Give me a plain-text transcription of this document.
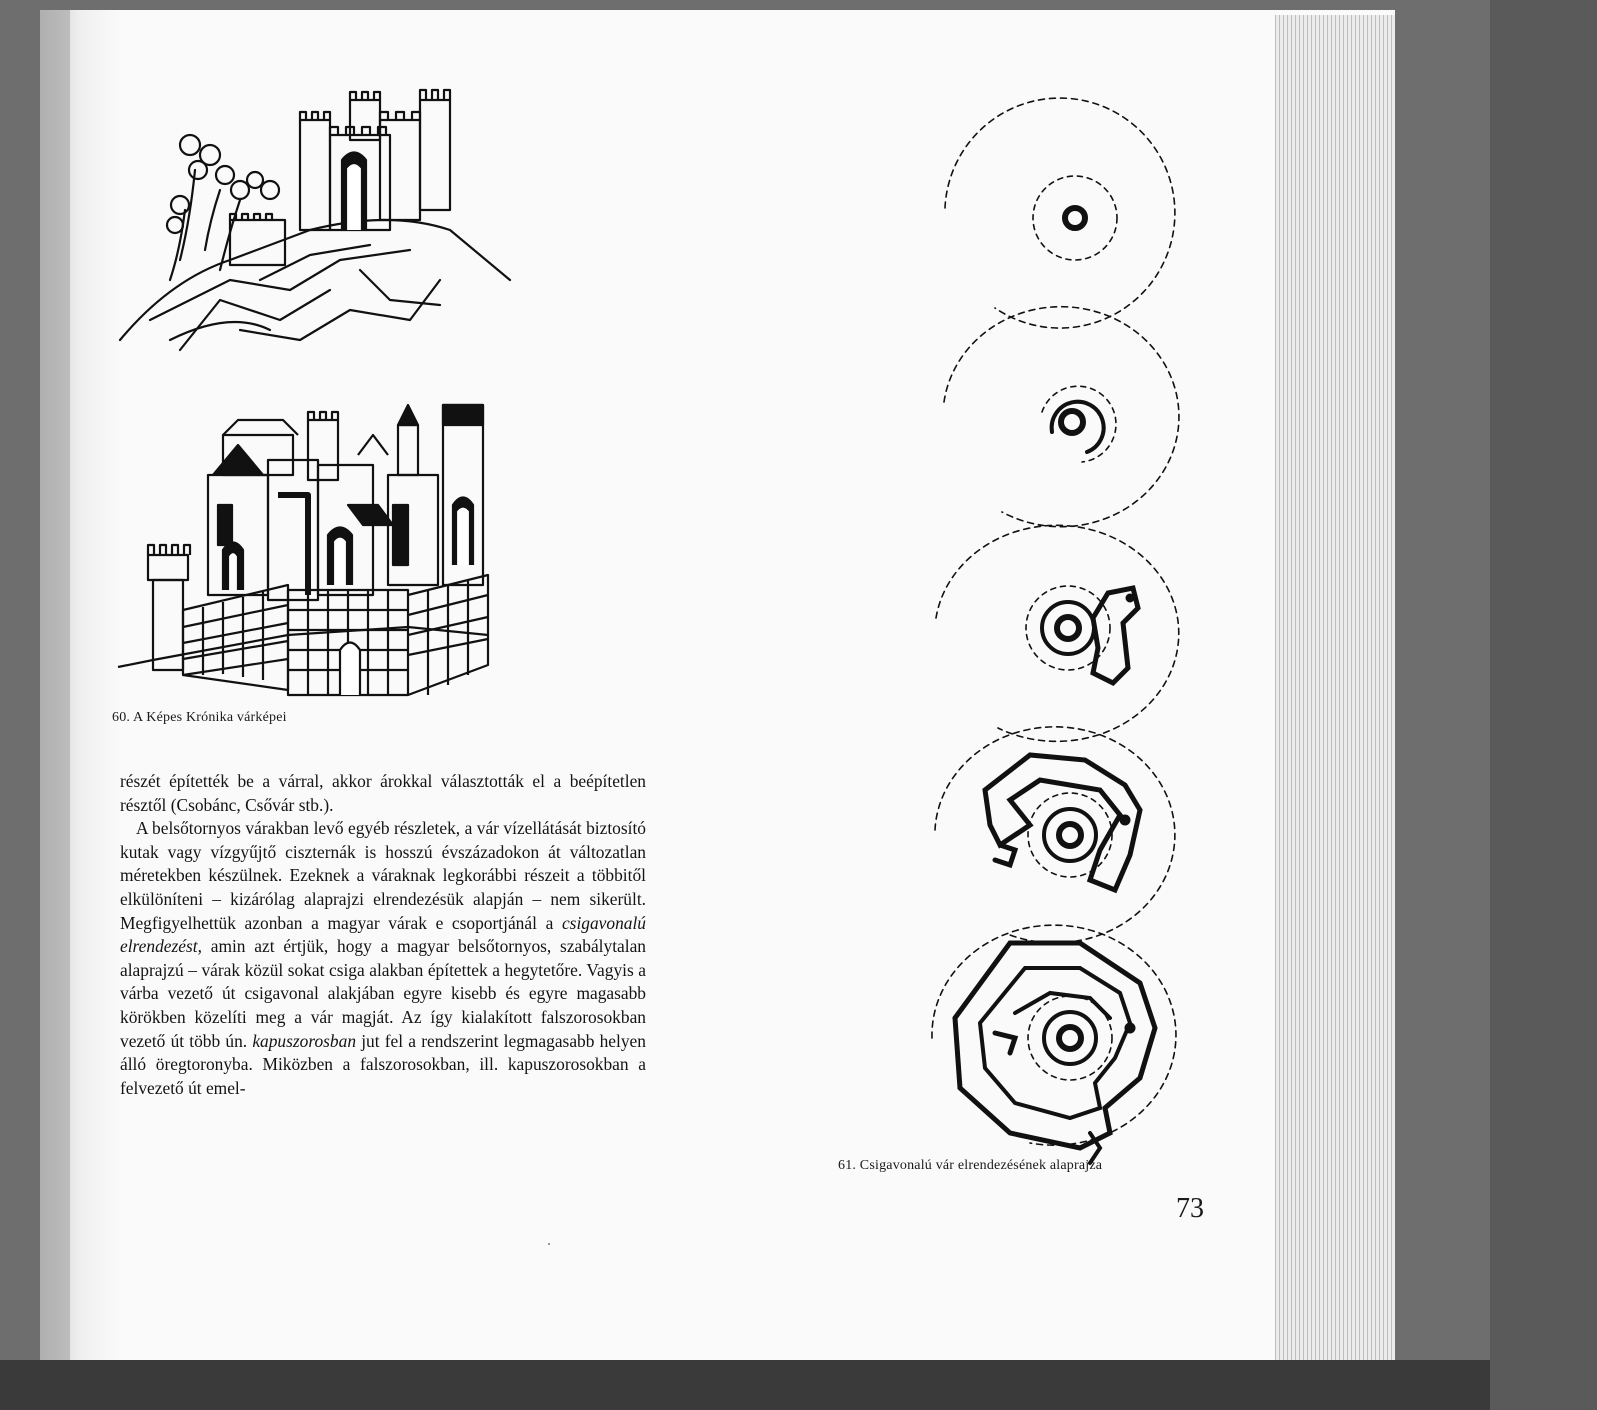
60. A Képes Krónika várképei

részét építették be a várral, akkor árokkal választották el a beépítetlen résztől (Csobánc, Csővár stb.).

A belsőtornyos várakban levő egyéb részletek, a vár vízellátását biztosító kutak vagy vízgyűjtő ciszternák is hosszú évszázadokon át változatlan méretekben készülnek. Ezeknek a váraknak legkorábbi részeit a többitől elkülöníteni – kizárólag alaprajzi elrendezésük alapján – nem sikerült. Megfigyelhettük azonban a magyar várak e csoportjánál a csigavonalú elrendezést, amin azt értjük, hogy a magyar belsőtornyos, szabálytalan alaprajzú – várak közül sokat csiga alakban építettek a hegytetőre. Vagyis a várba vezető út csigavonal alakjában egyre kisebb és egyre magasabb körökben közelíti meg a vár magját. Az így kialakított falszorosokban vezető út több ún. kapuszorosban jut fel a rendszerint legmagasabb helyen álló öregtoronyba. Miközben a falszorosokban, ill. kapuszorosokban a felvezető út emel-

61. Csigavonalú vár elrendezésének alaprajza
73
